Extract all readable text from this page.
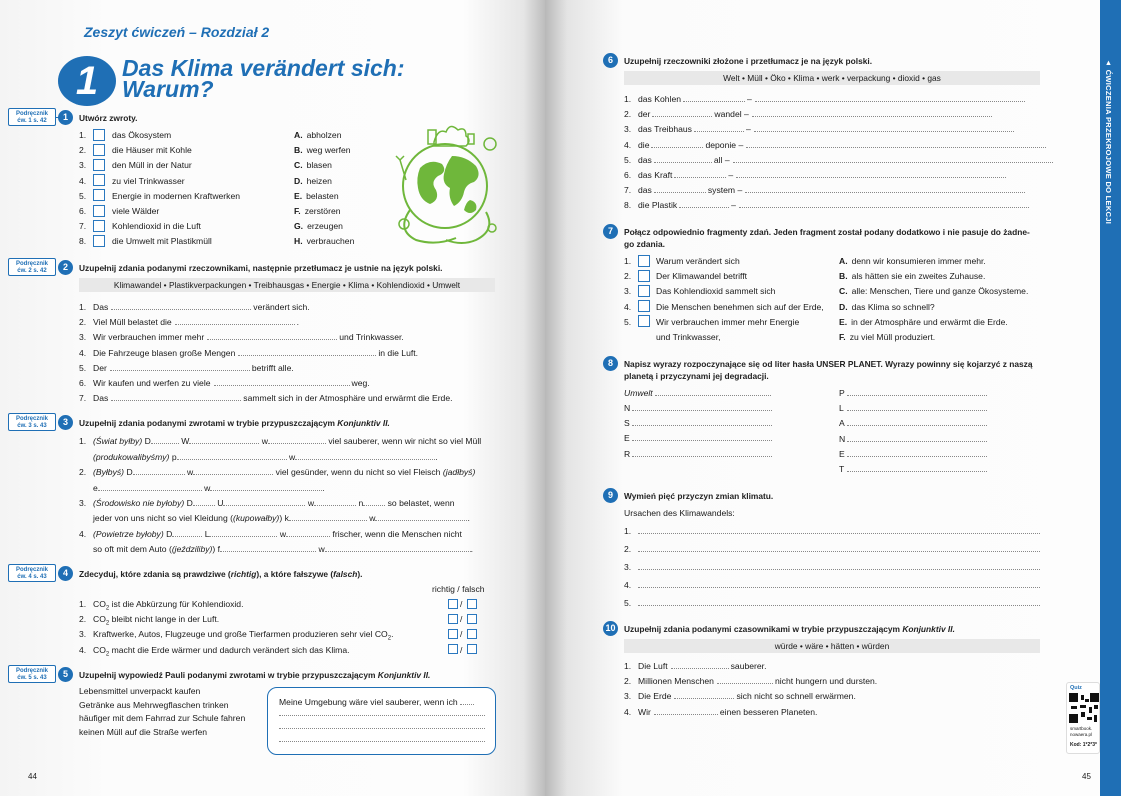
Zeszyt ćwiczeń – Rozdział 2
1	Das Klima verändert sich:
Warum?
Podręcznik
ćw. 1 s. 42	1	Utwórz zwroty.
1.	das Ökosystem	A. abholzen
2.	die Häuser mit Kohle	B. weg werfen
3.	den Müll in der Natur	C. blasen
4.	zu viel Trinkwasser	D. heizen
5.	Energie in modernen Kraftwerken	E. belasten
6.	viele Wälder	F. zerstören
7.	Kohlendioxid in die Luft	G. erzeugen
8.	die Umwelt mit Plastikmüll	H. verbrauchen
Podręcznik
ćw. 2 s. 42	2	Uzupełnij zdania podanymi rzeczownikami, następnie przetłumacz je ustnie na język polski.
Klimawandel • Plastikverpackungen • Treibhausgas • Energie • Klima • Kohlendioxid • Umwelt
1. Das	verändert sich.
2. Viel Müll belastet die	.
3. Wir verbrauchen immer mehr	und Trinkwasser.
4. Die Fahrzeuge blasen große Mengen	in die Luft.
5. Der	betrifft alle.
6. Wir kaufen und werfen zu viele	weg.
7. Das	sammelt sich in der Atmosphäre und erwärmt die Erde.
Podręcznik
ćw. 3 s. 43	3	Uzupełnij zdania podanymi zwrotami w trybie przypuszczającym Konjunktiv II.
1. (Świat byłby) D	W	w	viel sauberer, wenn wir nicht so viel Müll
(produkowalibyśmy) p	w	.
2. (Byłbyś) D	w	viel gesünder, wenn du nicht so viel Fleisch (jadłbyś)
e	w	.
3. (Środowisko nie byłoby) D	U	w	n	so belastet, wenn
jeder von uns nicht so viel Kleidung ((kupowałby)) k	w	.
4. (Powietrze byłoby) D	L	w	frischer, wenn die Menschen nicht
so oft mit dem Auto ((jeździliby)) f	w	.
Podręcznik
ćw. 4 s. 43	4	Zdecyduj, które zdania są prawdziwe (richtig), a które fałszywe (falsch).
richtig / falsch
1. $CO_2$ ist die Abkürzung für Kohlendioxid.	/
2. $CO_2$ bleibt nicht lange in der Luft.	/
3. Kraftwerke, Autos, Flugzeuge und große Tierfarmen produzieren sehr viel $CO_2$.	/
4. $CO_2$ macht die Erde wärmer und dadurch verändert sich das Klima.	/
Podręcznik
ćw. 5 s. 43	5	Uzupełnij wypowiedź Pauli podanymi zwrotami w trybie przypuszczającym Konjunktiv II.
Lebensmittel unverpackt kaufen
Getränke aus Mehrwegflaschen trinken
häufiger mit dem Fahrrad zur Schule fahren
keinen Müll auf die Straße werfen
Meine Umgebung wäre viel sauberer, wenn ich
44
6	Uzupełnij rzeczowniki złożone i przetłumacz je na język polski.
Welt • Müll • Öko • Klima • werk • verpackung • dioxid • gas
1. das Kohlen	–
2. der	wandel –
3. das Treibhaus	–
4. die	deponie –
5. das	all –
6. das Kraft	–
7. das	system –
8. die Plastik	–
7	Połącz odpowiednio fragmenty zdań. Jeden fragment został podany dodatkowo i nie pasuje do żadne-
go zdania.
1.	Warum verändert sich
2.	Der Klimawandel betrifft
3.	Das Kohlendioxid sammelt sich
4.	Die Menschen benehmen sich auf der Erde,
5.	Wir verbrauchen immer mehr Energie
A. denn wir konsumieren immer mehr.
B. als hätten sie ein zweites Zuhause.
C. alle: Menschen, Tiere und ganze Ökosysteme.
D. das Klima so schnell?
E. in der Atmosphäre und erwärmt die Erde.
F. zu viel Müll produziert.
und Trinkwasser,
8	Napisz wyrazy rozpoczynające się od liter hasła UNSER PLANET. Wyrazy powinny się kojarzyć z naszą
planetą i przyczynami jej degradacji.
Umwelt
N
S
E
R
P
L
A
N
E
T
9	Wymień pięć przyczyn zmian klimatu.
Ursachen des Klimawandels:
1.
2.
3.
4.
5.
10 Uzupełnij zdania podanymi czasownikami w trybie przypuszczającym Konjunktiv II.
würde • wäre • hätten • würden
1. Die Luft	sauberer.
2. Millionen Menschen	nicht hungern und dursten.
3. Die Erde	sich nicht so schnell erwärmen.
4. Wir	einen besseren Planeten.
Quiz
smartbook.
nowaera.pl
Kod: 1*2*3*
45
▲ ĆWICZENIA PRZEKROJOWE DO LEKCJI
